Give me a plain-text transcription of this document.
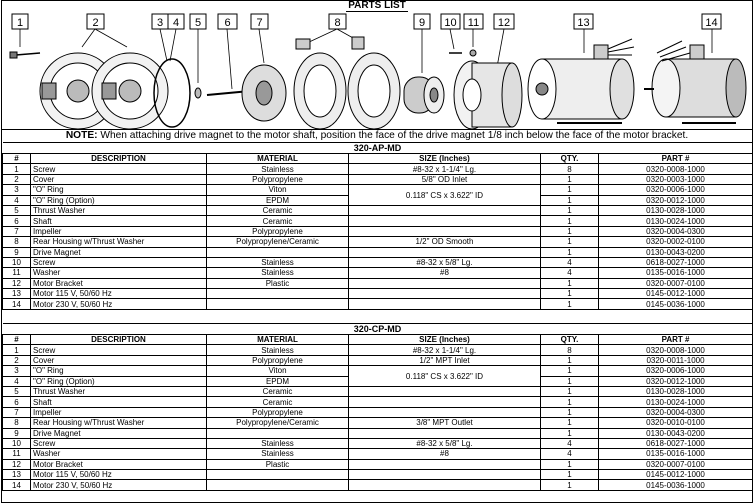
PARTS LIST
1	2	3 4 5 6 7	8	9 10 11 12	13	14
NOTE: When attaching drive magnet to the motor shaft, position the face of the drive magnet 1/8 inch below the face of the motor bracket.
320-AP-MD					
#	DESCRIPTION	MATERIAL	SIZE (Inches)	QTY.	PART #
1	Screw	Stainless	#8-32 x 1-1/4" Lg.	8	0320-0008-1000
2	Cover	Polypropylene	5/8" OD Inlet	1	0320-0003-1000
3	"O" Ring	Viton	0.118" CS x 3.622" ID	1	0320-0006-1000
4	"O" Ring (Option)	EPDM		1	0320-0012-1000
5	Thrust Washer	Ceramic		1	0130-0028-1000
6	Shaft	Ceramic		1	0130-0024-1000
7	Impeller	Polypropylene		1	0320-0004-0300
8	Rear Housing w/Thrust Washer	Polypropylene/Ceramic	1/2" OD Smooth	1	0320-0002-0100
9	Drive Magnet			1	0130-0043-0200
10	Screw	Stainless	#8-32 x 5/8" Lg.	4	0618-0027-1000
11	Washer	Stainless	#8	4	0135-0016-1000
12	Motor Bracket	Plastic		1	0320-0007-0100
13	Motor 115 V, 50/60 Hz			1	0145-0012-1000
14	Motor 230 V, 50/60 Hz			1	0145-0036-1000
320-CP-MD					
#	DESCRIPTION	MATERIAL	SIZE (Inches)	QTY.	PART #
1	Screw	Stainless	#8-32 x 1-1/4" Lg.	8	0320-0008-1000
2	Cover	Polypropylene	1/2" MPT Inlet	1	0320-0011-1000
3	"O" Ring	Viton	0.118" CS x 3.622" ID	1	0320-0006-1000
4	"O" Ring (Option)	EPDM		1	0320-0012-1000
5	Thrust Washer	Ceramic		1	0130-0028-1000
6	Shaft	Ceramic		1	0130-0024-1000
7	Impeller	Polypropylene		1	0320-0004-0300
8	Rear Housing w/Thrust Washer	Polypropylene/Ceramic	3/8" MPT Outlet	1	0320-0010-0100
9	Drive Magnet			1	0130-0043-0200
10	Screw	Stainless	#8-32 x 5/8" Lg.	4	0618-0027-1000
11	Washer	Stainless	#8	4	0135-0016-1000
12	Motor Bracket	Plastic		1	0320-0007-0100
13	Motor 115 V, 50/60 Hz			1	0145-0012-1000
14	Motor 230 V, 50/60 Hz			1	0145-0036-1000
